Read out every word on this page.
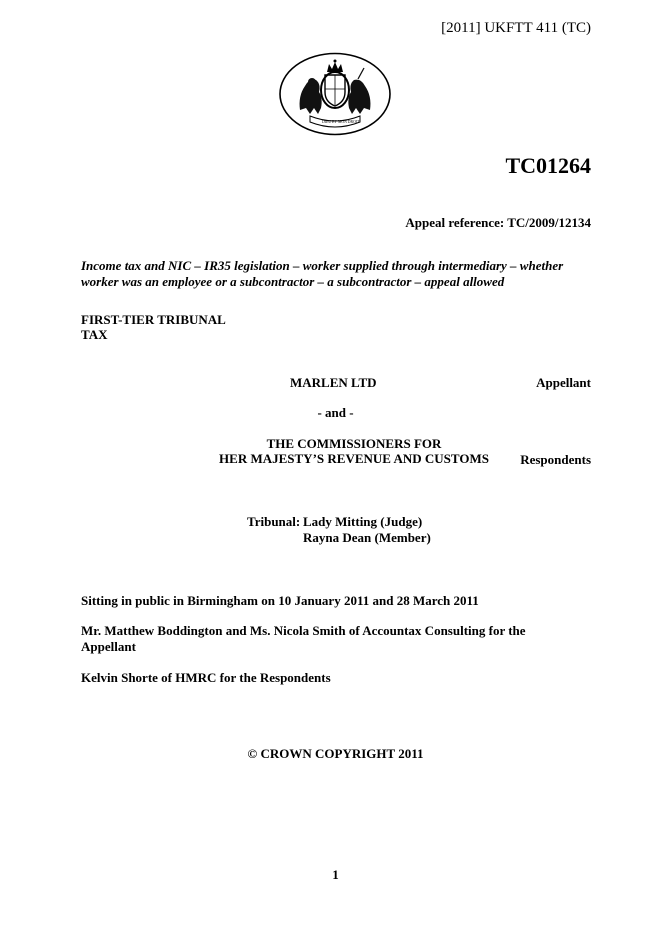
[2011] UKFTT 411 (TC)
DIEU ET MON DROIT
TC01264
Appeal reference: TC/2009/12134
Income tax and NIC – IR35 legislation – worker supplied through intermediary – whether worker was an employee or a subcontractor – a subcontractor – appeal allowed
FIRST-TIER TRIBUNAL
TAX
MARLEN LTD	Appellant
- and -
THE COMMISSIONERS FOR
HER MAJESTY’S REVENUE AND CUSTOMS	Respondents
Tribunal: Lady Mitting (Judge)
Rayna Dean (Member)
Sitting in public in Birmingham on 10 January 2011 and 28 March 2011
Mr. Matthew Boddington and Ms. Nicola Smith of Accountax Consulting for the Appellant
Kelvin Shorte of HMRC for the Respondents
© CROWN COPYRIGHT 2011
1
